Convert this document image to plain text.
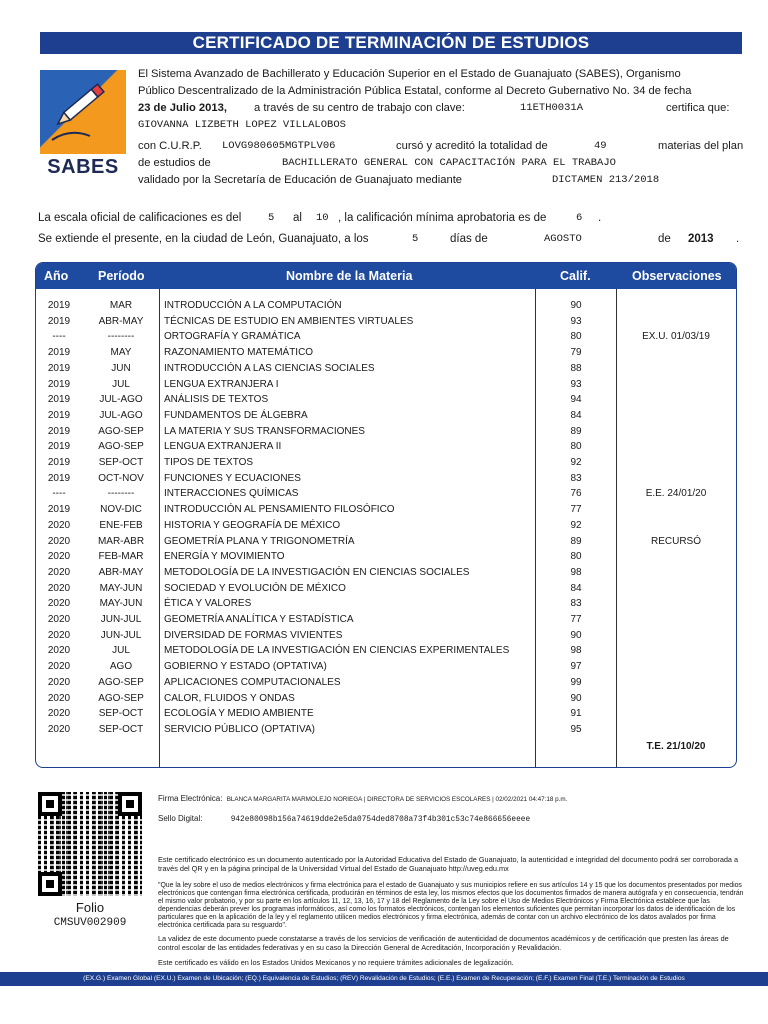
CERTIFICADO DE TERMINACIÓN DE ESTUDIOS
SABES
El Sistema Avanzado de Bachillerato y Educación Superior en el Estado de Guanajuato (SABES), Organismo
Público Descentralizado de la Administración Pública Estatal, conforme al Decreto Gubernativo No. 34 de fecha
23 de Julio 2013, a través de su centro de trabajo con clave:	11ETH0031A	certifica que:
GIOVANNA LIZBETH LOPEZ VILLALOBOS
con C.U.R.P. LOVG980605MGTPLV06	cursó y acreditó la totalidad de	49	materias del plan
de estudios de	BACHILLERATO GENERAL CON CAPACITACIÓN PARA EL TRABAJO
validado por la Secretaría de Educación de Guanajuato mediante	DICTAMEN 213/2018
La escala oficial de calificaciones es del	5 al 10 , la calificación mínima aprobatoria es de	6 .
Se extiende el presente, en la ciudad de León, Guanajuato, a los	5	días de	AGOSTO	de 2013 .
Año Período	Nombre de la Materia	Calif.	Observaciones
2019	MAR	INTRODUCCIÓN A LA COMPUTACIÓN	90
2019	ABR-MAY	TÉCNICAS DE ESTUDIO EN AMBIENTES VIRTUALES	93
----	--------	ORTOGRAFÍA Y GRAMÁTICA	80	EX.U. 01/03/19
2019	MAY	RAZONAMIENTO MATEMÁTICO	79
2019	JUN	INTRODUCCIÓN A LAS CIENCIAS SOCIALES	88
2019	JUL	LENGUA EXTRANJERA I	93
2019	JUL-AGO	ANÁLISIS DE TEXTOS	94
2019	JUL-AGO	FUNDAMENTOS DE ÁLGEBRA	84
2019	AGO-SEP	LA MATERIA Y SUS TRANSFORMACIONES	89
2019	AGO-SEP	LENGUA EXTRANJERA II	80
2019	SEP-OCT	TIPOS DE TEXTOS	92
2019	OCT-NOV	FUNCIONES Y ECUACIONES	83
----	--------	INTERACCIONES QUÍMICAS	76	E.E. 24/01/20
2019	NOV-DIC	INTRODUCCIÓN AL PENSAMIENTO FILOSÓFICO	77
2020	ENE-FEB	HISTORIA Y GEOGRAFÍA DE MÉXICO	92
2020	MAR-ABR	GEOMETRÍA PLANA Y TRIGONOMETRÍA	89	RECURSÓ
2020	FEB-MAR	ENERGÍA Y MOVIMIENTO	80
2020	ABR-MAY	METODOLOGÍA DE LA INVESTIGACIÓN EN CIENCIAS SOCIALES	98
2020	MAY-JUN	SOCIEDAD Y EVOLUCIÓN DE MÉXICO	84
2020	MAY-JUN	ÉTICA Y VALORES	83
2020	JUN-JUL	GEOMETRÍA ANALÍTICA Y ESTADÍSTICA	77
2020	JUN-JUL	DIVERSIDAD DE FORMAS VIVIENTES	90
2020	JUL	METODOLOGÍA DE LA INVESTIGACIÓN EN CIENCIAS EXPERIMENTALES	98
2020	AGO	GOBIERNO Y ESTADO (OPTATIVA)	97
2020	AGO-SEP	APLICACIONES COMPUTACIONALES	99
2020	AGO-SEP	CALOR, FLUIDOS Y ONDAS	90
2020	SEP-OCT	ECOLOGÍA Y MEDIO AMBIENTE	91
2020	SEP-OCT	SERVICIO PÚBLICO (OPTATIVA)	95
T.E. 21/10/20
Folio
CMSUV002909
Firma Electrónica: BLANCA MARGARITA MARMOLEJO NORIEGA | DIRECTORA DE SERVICIOS ESCOLARES | 02/02/2021 04:47:18 p.m.
Sello Digital:	942e80098b156a74619dde2e5da0754ded8708a73f4b301c53c74e866656eeee
Este certificado electrónico es un documento autenticado por la Autoridad Educativa del Estado de Guanajuato, la autenticidad e integridad del documento podrá ser corroborada a través del QR y en la página principal de la Universidad Virtual del Estado de Guanajuato http://uveg.edu.mx
"Que la ley sobre el uso de medios electrónicos y firma electrónica para el estado de Guanajuato y sus municipios refiere en sus artículos 14 y 15 que los documentos presentados por medios electrónicos que contengan firma electrónica certificada, producirán en términos de esta ley, los mismos efectos que los documentos firmados de manera autógrafa y en consecuencia, tendrán el mismo valor probatorio, y por su parte en los artículos 11, 12, 13, 16, 17 y 18 del Reglamento de la Ley sobre el Uso de Medios Electrónicos y Firma Electrónica establece que las dependencias deberán prever los programas informáticos, así como los formatos electrónicos, contengan los elementos suficientes que permitan incorporar los datos de identificación de los particulares que en la aplicación de la ley y el reglamento utilicen medios electrónicos y firma electrónica, además de contar con un archivo electrónico de los datos avalados por firma electrónica certificada para su resguardo".
La validez de este documento puede constatarse a través de los servicios de verificación de autenticidad de documentos académicos y de certificación que presten las áreas de control escolar de las entidades federativas y en su caso la Dirección General de Acreditación, Incorporación y Revalidación.
Este certificado es válido en los Estados Unidos Mexicanos y no requiere trámites adicionales de legalización.
(EX.G.) Examen Global (EX.U.) Examen de Ubicación; (EQ.) Equivalencia de Estudios; (REV) Revalidación de Estudios; (E.E.) Examen de Recuperación; (E.F.) Examen Final (T.E.) Terminación de Estudios
